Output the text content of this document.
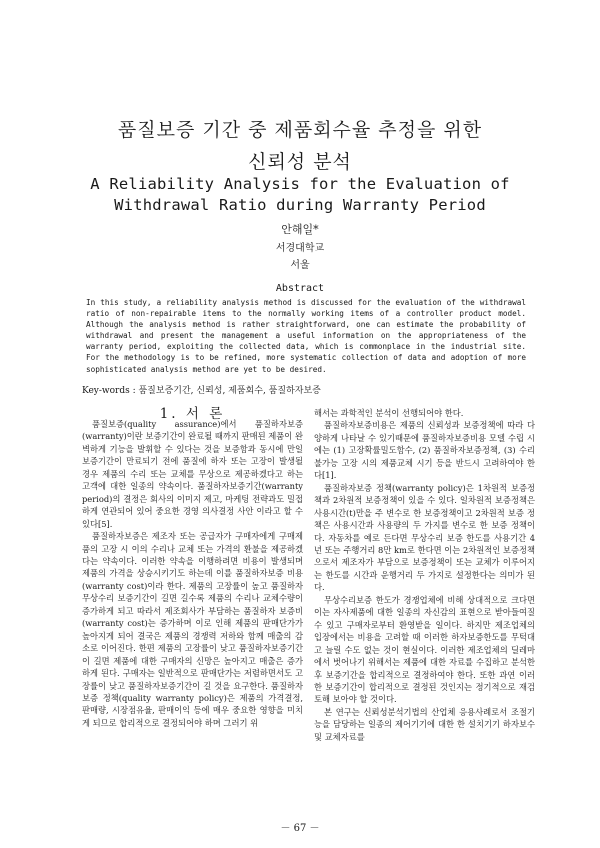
품질보증 기간 중 제품회수율 추정을 위한
신뢰성 분석
A Reliability Analysis for the Evaluation of
Withdrawal Ratio during Warranty Period
안해일*
서경대학교
서울
Abstract

In this study, a reliability analysis method is discussed for the evaluation of the withdrawal ratio of non-repairable items to the normally working items of a controller product model. Although the analysis method is rather straightforward, one can estimate the probability of withdrawal and present the management a useful information on the appropriateness of the warranty period, exploiting the collected data, which is commonplace in the industrial site. For the methodology is to be refined, more systematic collection of data and adoption of more sophisticated analysis method are yet to be desired.

Key-words : 품질보증기간, 신뢰성, 제품회수, 품질하자보증
1. 서 론

품질보증(quality assurance)에서 품질하자보증(warranty)이란 보증기간이 완료될 때까지 판매된 제품이 완벽하게 기능을 발휘할 수 있다는 것을 보증함과 동시에 만일 보증기간이 만료되기 전에 품질에 하자 또는 고장이 발생될 경우 제품의 수리 또는 교체를 무상으로 제공하겠다고 하는 고객에 대한 일종의 약속이다. 품질하자보증기간(warranty period)의 결정은 회사의 이미지 제고, 마케팅 전략과도 밀접하게 연관되어 있어 중요한 경영 의사결정 사안 이라고 할 수 있다[5].

품질하자보증은 제조자 또는 공급자가 구매자에게 구매제품의 고장 시 이의 수리나 교체 또는 가격의 환불을 제공하겠다는 약속이다. 이러한 약속을 이행하려면 비용이 발생되며 제품의 가격을 상승시키기도 하는데 이를 품질하자보증 비용(warranty cost)이라 한다. 제품의 고장률이 높고 품질하자 무상수리 보증기간이 길면 길수록 제품의 수리나 교체수량이 증가하게 되고 따라서 제조회사가 부담하는 품질하자 보증비(warranty cost)는 증가하며 이로 인해 제품의 판매단가가 높아지게 되어 결국은 제품의 경쟁력 저하와 함께 매출의 감소로 이어진다. 한편 제품의 고장률이 낮고 품질하자보증기간이 길면 제품에 대한 구매자의 신망은 높아지고 매출은 증가하게 된다. 구매자는 일반적으로 판매단가는 저렴하면서도 고장률이 낮고 품질하자보증기간이 길 것을 요구한다. 품질하자보증 정책(quality warranty policy)은 제품의 가격결정, 판매량, 시장점유율, 판매이익 등에 매우 중요한 영향을 미치게 되므로 합리적으로 결정되어야 하며 그러기 위

해서는 과학적인 분석이 선행되어야 한다.

품질하자보증비용은 제품의 신뢰성과 보증정책에 따라 다양하게 나타날 수 있기때문에 품질하자보증비용 모델 수립 시에는 (1) 고장확률밀도함수, (2) 품질하자보증정책, (3) 수리 불가능 고장 시의 제품교체 시기 등을 반드시 고려하여야 한다[1].

품질하자보증 정책(warranty policy)은 1차원적 보증정책과 2차원적 보증정책이 있을 수 있다. 일차원적 보증정책은 사용시간(t)만을 주 변수로 한 보증정책이고 2차원적 보증 정책은 사용시간과 사용량의 두 가지를 변수로 한 보증 정책이다. 자동차를 예로 든다면 무상수리 보증 한도를 사용기간 4년 또는 주행거리 8만 km로 한다면 이는 2차원적인 보증정책으로서 제조자가 부담으로 보증정책이 또는 교체가 이루어지는 한도를 시간과 운행거리 두 가지로 설정한다는 의미가 된다.

무상수리보증 한도가 경쟁업체에 비해 상대적으로 크다면 이는 자사제품에 대한 일종의 자신감의 표현으로 받아들여질 수 있고 구매자로부터 환영받을 일이다. 하지만 제조업체의 입장에서는 비용을 고려할 때 이러한 하자보증한도를 무턱대고 늘릴 수도 없는 것이 현실이다. 이러한 제조업체의 딜레마에서 벗어나기 위해서는 제품에 대한 자료를 수집하고 분석한 후 보증기간을 합리적으로 결정하여야 한다. 또한 과연 이러한 보증기간이 합리적으로 결정된 것인지는 정기적으로 재검토해 보아야 할 것이다.

본 연구는 신뢰성분석기법의 산업체 응용사례로서 조절기능을 담당하는 일종의 제어기기에 대한 한 설치기기 하자보수 및 교체자료를

－ 67 －
